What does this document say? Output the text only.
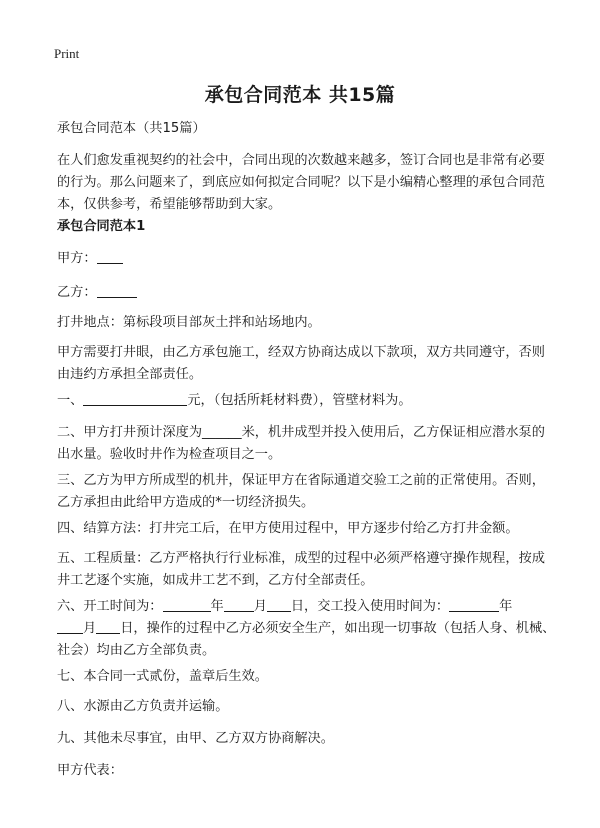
Print
承包合同范本 共15篇

承包合同范本（共15篇）

在人们愈发重视契约的社会中，合同出现的次数越来越多，签订合同也是非常有必要的行为。那么问题来了，到底应如何拟定合同呢？以下是小编精心整理的承包合同范本，仅供参考，希望能够帮助到大家。

承包合同范本1

甲方：

乙方：

打井地点：第标段项目部灰土拌和站场地内。

甲方需要打井眼，由乙方承包施工，经双方协商达成以下款项，双方共同遵守，否则由违约方承担全部责任。

一、	元，（包括所耗材料费），管壁材料为。

二、甲方打井预计深度为______米，机井成型并投入使用后，乙方保证相应潜水泵的出水量。验收时井作为检查项目之一。

三、乙方为甲方所成型的机井，保证甲方在省际通道交验工之前的正常使用。否则，乙方承担由此给甲方造成的*一切经济损失。

四、结算方法：打井完工后，在甲方使用过程中，甲方逐步付给乙方打井金额。

五、工程质量：乙方严格执行行业标准，成型的过程中必须严格遵守操作规程，按成井工艺逐个实施，如成井工艺不到，乙方付全部责任。

六、开工时间为：	年 月 日，交工投入使用时间为：	年
月 日，操作的过程中乙方必须安全生产，如出现一切事故（包括人身、机械、社会）均由乙方全部负责。

七、本合同一式贰份，盖章后生效。

八、水源由乙方负责并运输。

九、其他未尽事宜，由甲、乙方双方协商解决。

甲方代表：
